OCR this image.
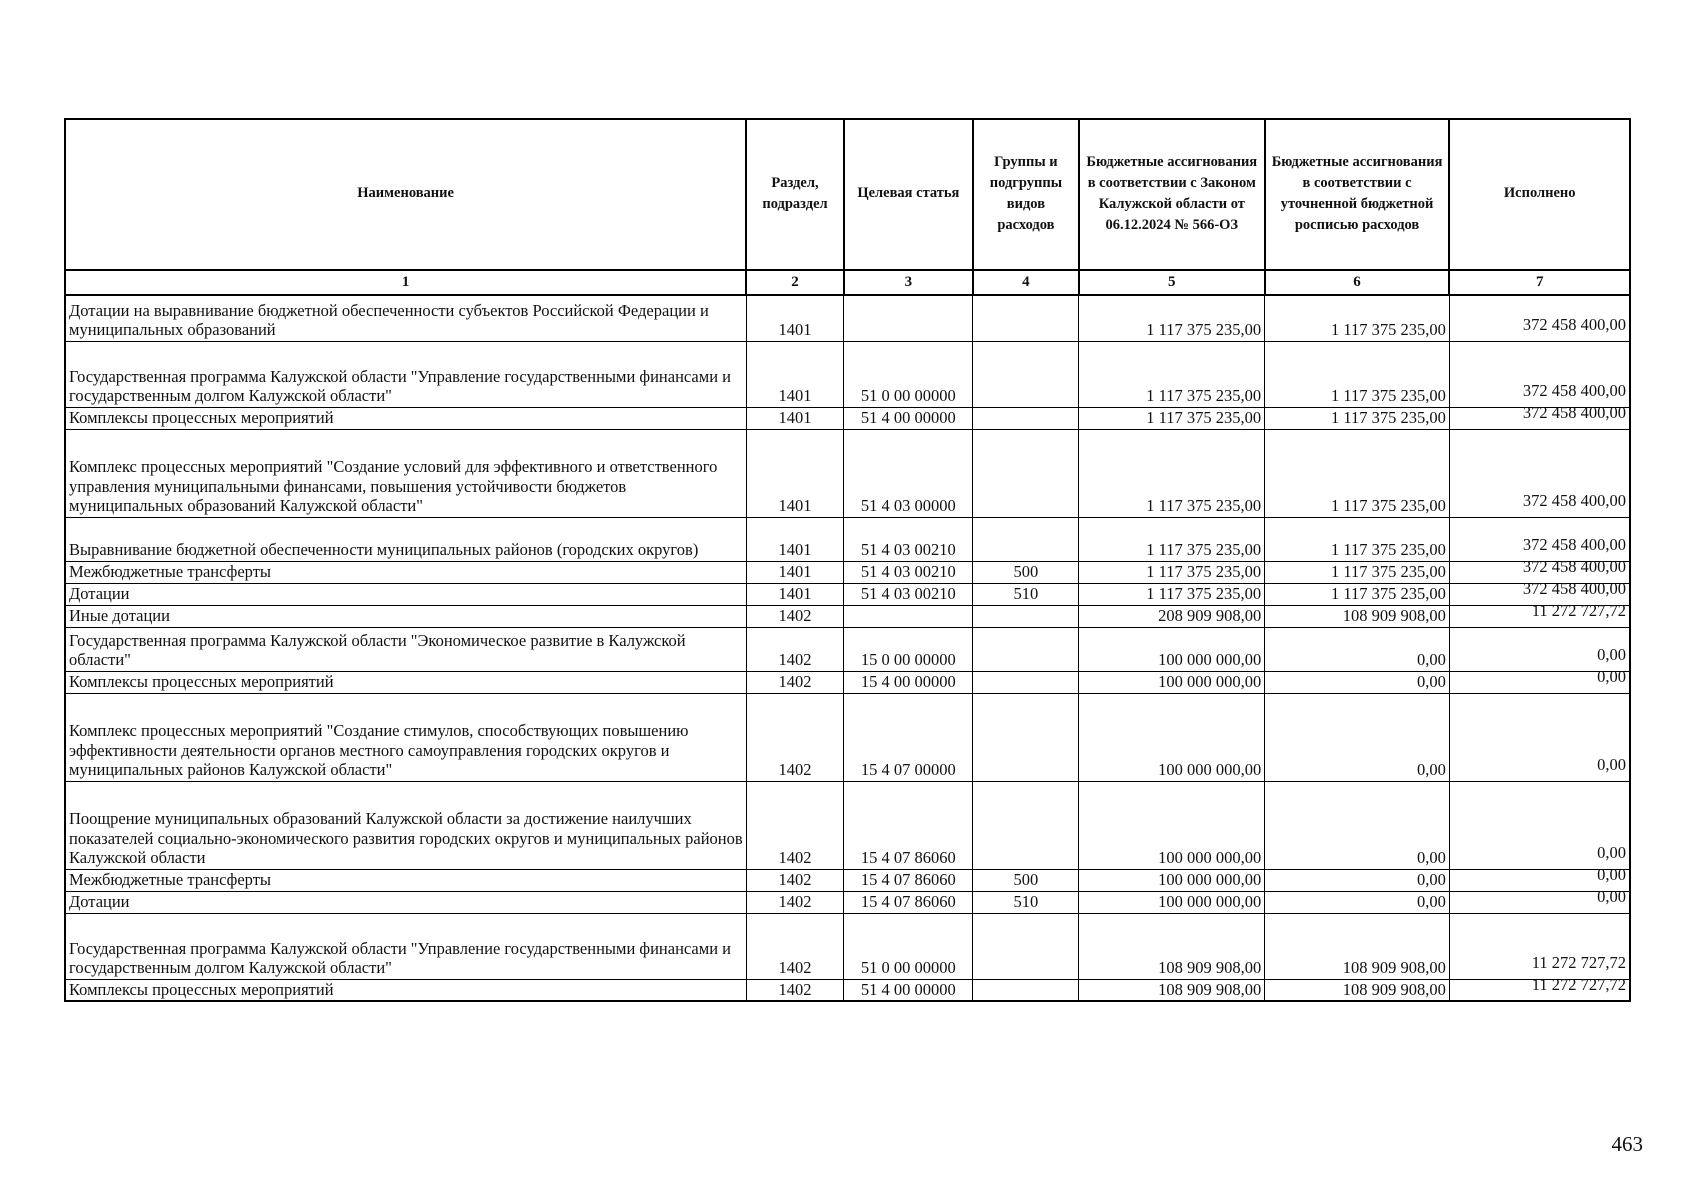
Наименование	Раздел, подраздел	Целевая статья	Группы и подгруппы видов расходов	Бюджетные ассигнования в соответствии с Законом Калужской области от 06.12.2024 № 566-ОЗ	Бюджетные ассигнования в соответствии с уточненной бюджетной росписью расходов	Исполнено
1	2	3	4	5	6	7
Дотации на выравнивание бюджетной обеспеченности субъектов Российской Федерации и муниципальных образований	1401			1 117 375 235,00	1 117 375 235,00	372 458 400,00
Государственная программа Калужской области "Управление государственными финансами и государственным долгом Калужской области"	1401	51 0 00 00000		1 117 375 235,00	1 117 375 235,00	372 458 400,00
Комплексы процессных мероприятий	1401	51 4 00 00000		1 117 375 235,00	1 117 375 235,00	372 458 400,00
Комплекс процессных мероприятий "Создание условий для эффективного и ответственного управления муниципальными финансами, повышения устойчивости бюджетов муниципальных образований Калужской области"	1401	51 4 03 00000		1 117 375 235,00	1 117 375 235,00	372 458 400,00
Выравнивание бюджетной обеспеченности муниципальных районов (городских округов)	1401	51 4 03 00210		1 117 375 235,00	1 117 375 235,00	372 458 400,00
Межбюджетные трансферты	1401	51 4 03 00210	500	1 117 375 235,00	1 117 375 235,00	372 458 400,00
Дотации	1401	51 4 03 00210	510	1 117 375 235,00	1 117 375 235,00	372 458 400,00
Иные дотации	1402			208 909 908,00	108 909 908,00	11 272 727,72
Государственная программа Калужской области "Экономическое развитие в Калужской области"	1402	15 0 00 00000		100 000 000,00	0,00	0,00
Комплексы процессных мероприятий	1402	15 4 00 00000		100 000 000,00	0,00	0,00
Комплекс процессных мероприятий "Создание стимулов, способствующих повышению эффективности деятельности органов местного самоуправления городских округов и муниципальных районов Калужской области"	1402	15 4 07 00000		100 000 000,00	0,00	0,00
Поощрение муниципальных образований Калужской области за достижение наилучших показателей социально-экономического развития городских округов и муниципальных районов Калужской области	1402	15 4 07 86060		100 000 000,00	0,00	0,00
Межбюджетные трансферты	1402	15 4 07 86060	500	100 000 000,00	0,00	0,00
Дотации	1402	15 4 07 86060	510	100 000 000,00	0,00	0,00
Государственная программа Калужской области "Управление государственными финансами и государственным долгом Калужской области"	1402	51 0 00 00000		108 909 908,00	108 909 908,00	11 272 727,72
Комплексы процессных мероприятий	1402	51 4 00 00000		108 909 908,00	108 909 908,00	11 272 727,72
463
